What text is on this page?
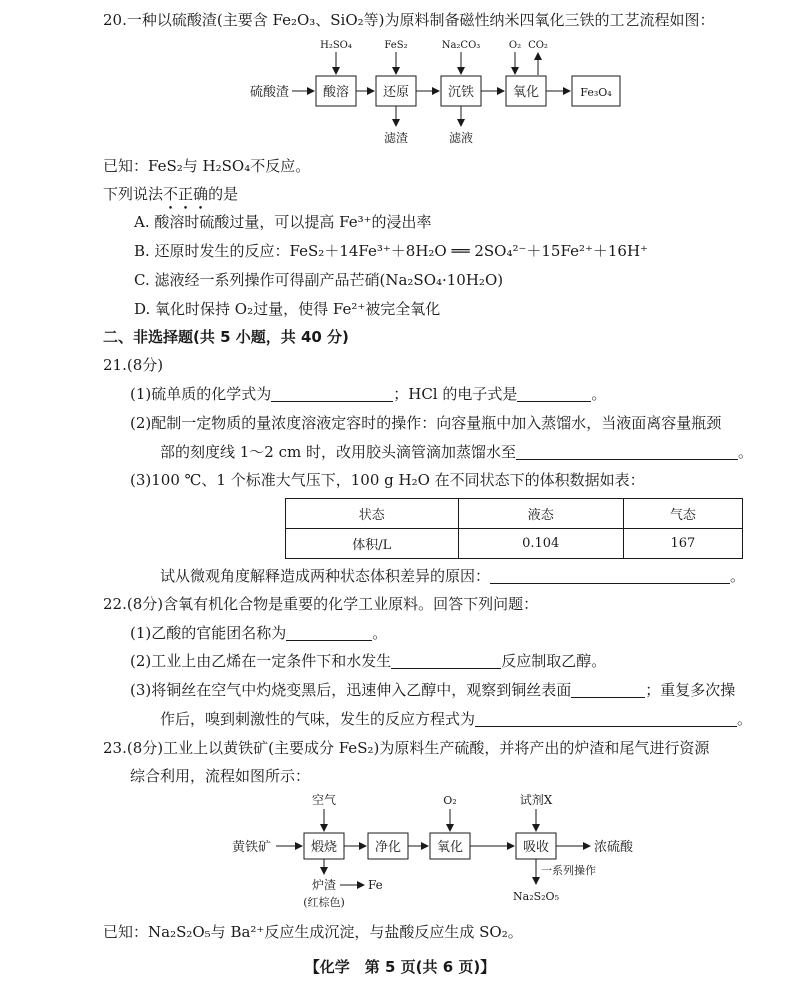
20.一种以硫酸渣(主要含 Fe₂O₃、SiO₂等)为原料制备磁性纳米四氧化三铁的工艺流程如图：
硫酸渣	酸溶	还原	沉铁	氧化	Fe₃O₄
H₂SO₄	FeS₂	Na₂CO₃	O₂ CO₂
滤渣	滤液
已知：FeS₂与 H₂SO₄不反应。
下列说法不正确的是
A. 酸溶时硫酸过量，可以提高 Fe³⁺的浸出率
B. 还原时发生的反应：FeS₂＋14Fe³⁺＋8H₂O ══ 2SO₄²⁻＋15Fe²⁺＋16H⁺
C. 滤液经一系列操作可得副产品芒硝(Na₂SO₄·10H₂O)
D. 氧化时保持 O₂过量，使得 Fe²⁺被完全氧化
二、非选择题(共 5 小题，共 40 分)
21.(8分)
(1)硫单质的化学式为	；HCl 的电子式是	。
(2)配制一定物质的量浓度溶液定容时的操作：向容量瓶中加入蒸馏水，当液面离容量瓶颈
部的刻度线 1～2 cm 时，改用胶头滴管滴加蒸馏水至	。
(3)100 ℃、1 个标准大气压下，100 g H₂O 在不同状态下的体积数据如表：
状态	液态	气态
体积/L	0.104	167
试从微观角度解释造成两种状态体积差异的原因：	。
22.(8分)含氧有机化合物是重要的化学工业原料。回答下列问题：
(1)乙酸的官能团名称为	。
(2)工业上由乙烯在一定条件下和水发生	反应制取乙醇。
(3)将铜丝在空气中灼烧变黑后，迅速伸入乙醇中，观察到铜丝表面	；重复多次操
作后，嗅到刺激性的气味，发生的反应方程式为	。
23.(8分)工业上以黄铁矿(主要成分 FeS₂)为原料生产硫酸，并将产出的炉渣和尾气进行资源
综合利用，流程如图所示：
黄铁矿	煅烧	净化	氧化	吸收	浓硫酸
空气	O₂	试剂X
炉渣
(红棕色)
Fe
一系列操作
Na₂S₂O₅
已知：Na₂S₂O₅与 Ba²⁺反应生成沉淀，与盐酸反应生成 SO₂。
【化学　第 5 页(共 6 页)】
